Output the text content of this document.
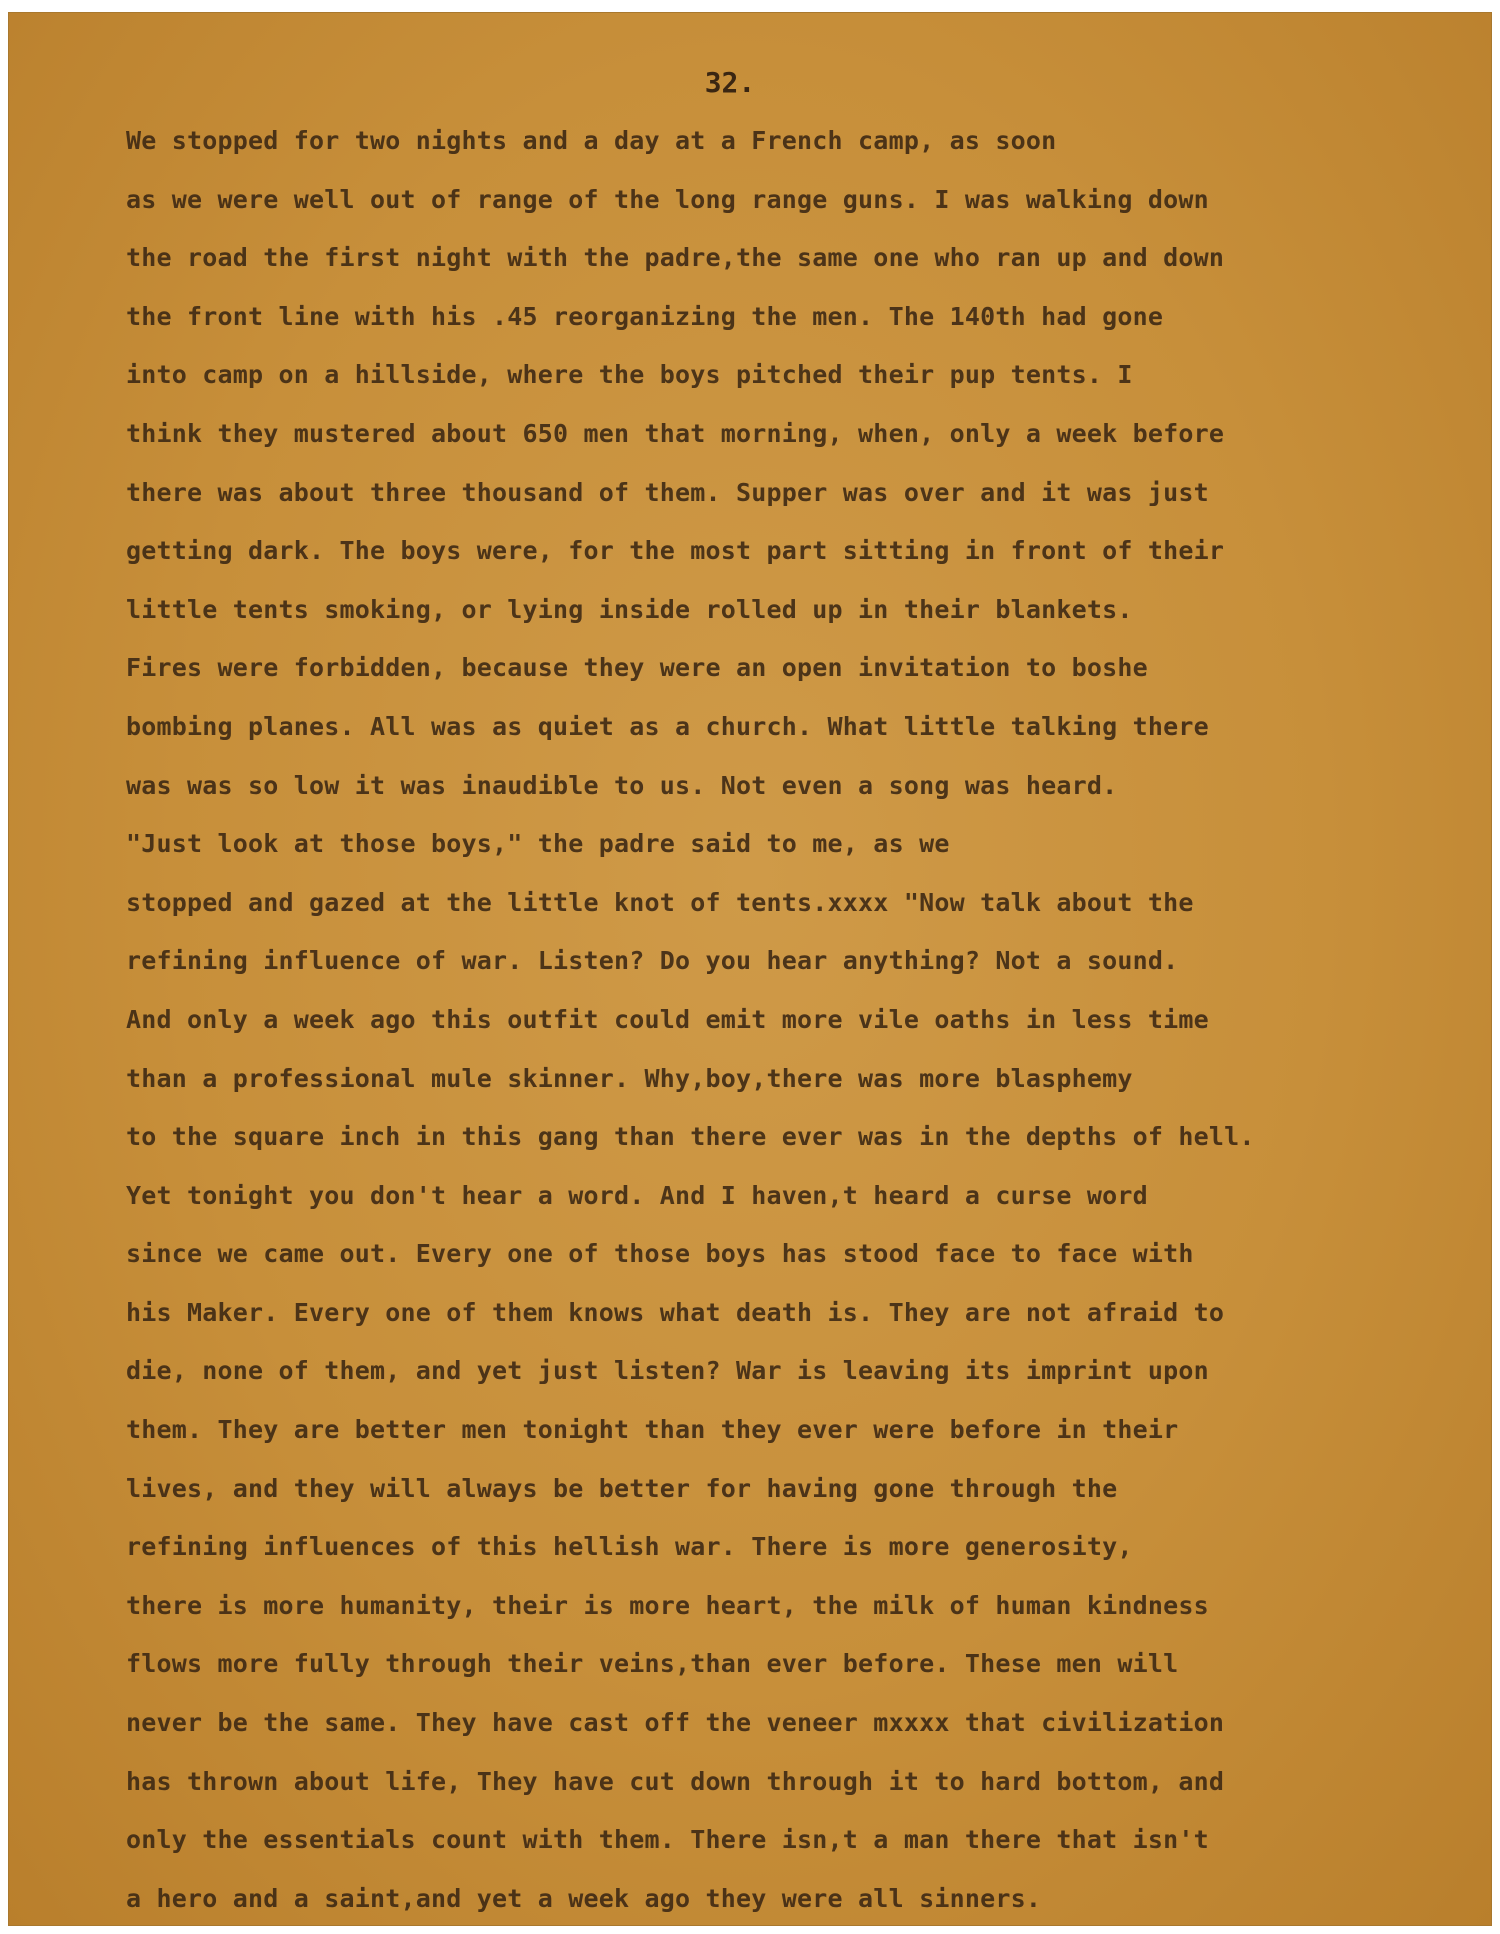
32.
We stopped for two nights and a day at a French camp, as soon
as we were well out of range of the long range guns. I was walking down
the road the first night with the padre,the same one who ran up and down
the front line with his .45 reorganizing the men. The 140th had gone
into camp on a hillside, where the boys pitched their pup tents. I
think they mustered about 650 men that morning, when, only a week before
there was about three thousand of them. Supper was over and it was just
getting dark. The boys were, for the most part sitting in front of their
little tents smoking, or lying inside rolled up in their blankets.
Fires were forbidden, because they were an open invitation to boshe
bombing planes. All was as quiet as a church. What little talking there
was was so low it was inaudible to us. Not even a song was heard.
"Just look at those boys," the padre said to me, as we
stopped and gazed at the little knot of tents.xxxx "Now talk about the
refining influence of war. Listen? Do you hear anything? Not a sound.
And only a week ago this outfit could emit more vile oaths in less time
than a professional mule skinner. Why,boy,there was more blasphemy
to the square inch in this gang than there ever was in the depths of hell.
Yet tonight you don't hear a word. And I haven,t heard a curse word
since we came out. Every one of those boys has stood face to face with
his Maker. Every one of them knows what death is. They are not afraid to
die, none of them, and yet just listen? War is leaving its imprint upon
them. They are better men tonight than they ever were before in their
lives, and they will always be better for having gone through the
refining influences of this hellish war. There is more generosity,
there is more humanity, their is more heart, the milk of human kindness
flows more fully through their veins,than ever before. These men will
never be the same. They have cast off the veneer mxxxx that civilization
has thrown about life, They have cut down through it to hard bottom, and
only the essentials count with them. There isn,t a man there that isn't
a hero and a saint,and yet a week ago they were all sinners.
